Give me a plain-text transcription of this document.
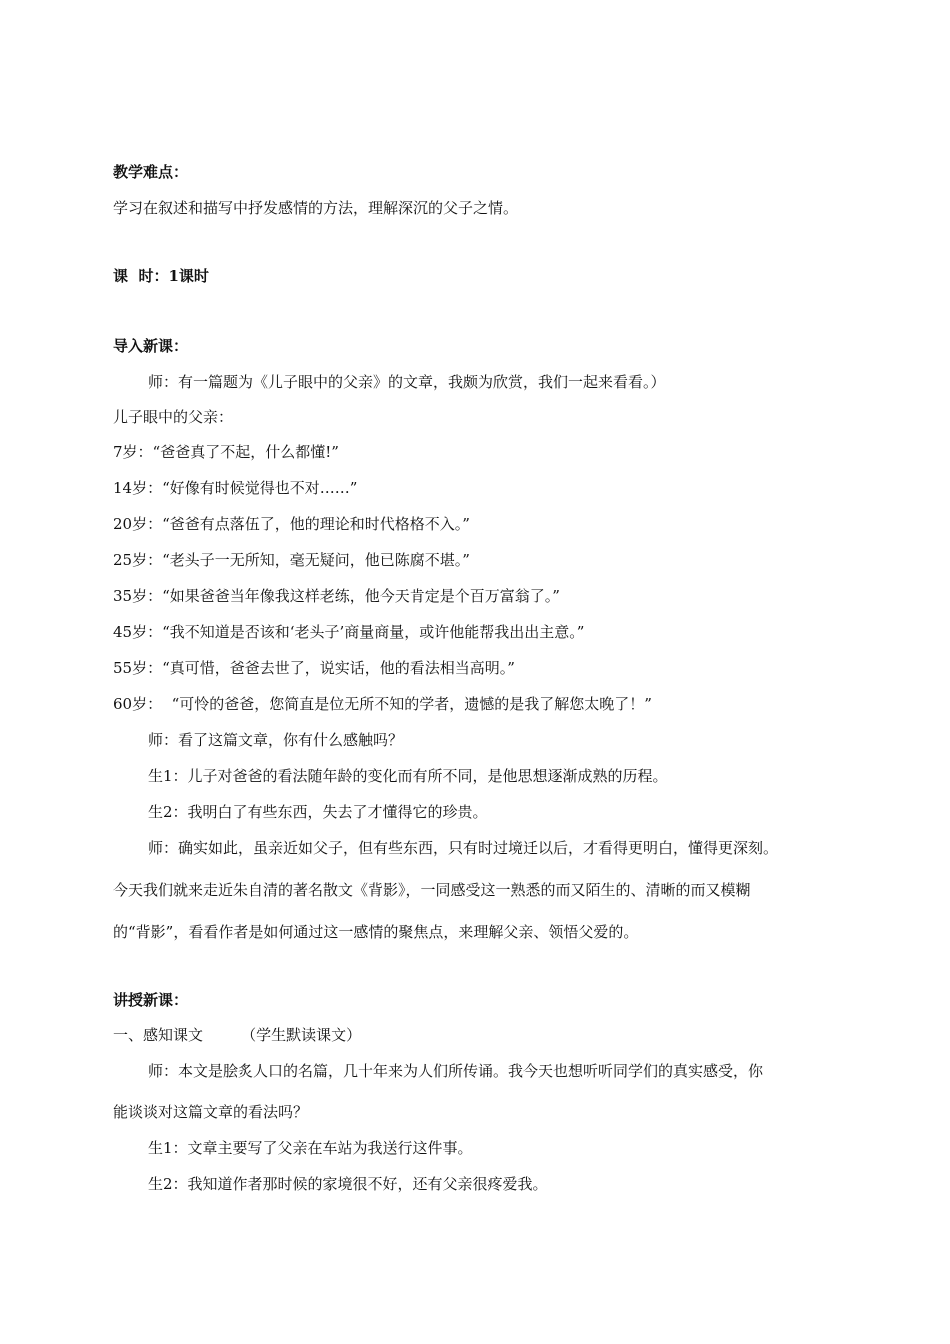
教学难点：
学习在叙述和描写中抒发感情的方法，理解深沉的父子之情。
课  时：1课时
导入新课：
师：有一篇题为《儿子眼中的父亲》的文章，我颇为欣赏，我们一起来看看。）
儿子眼中的父亲：
7岁：“爸爸真了不起，什么都懂!”
14岁：“好像有时候觉得也不对……”
20岁：“爸爸有点落伍了，他的理论和时代格格不入。”
25岁：“老头子一无所知，毫无疑问，他已陈腐不堪。”
35岁：“如果爸爸当年像我这样老练，他今天肯定是个百万富翁了。”
45岁：“我不知道是否该和‘老头子’商量商量，或许他能帮我出出主意。”
55岁：“真可惜，爸爸去世了，说实话，他的看法相当高明。”
60岁：  “可怜的爸爸，您简直是位无所不知的学者，遗憾的是我了解您太晚了！”
师：看了这篇文章，你有什么感触吗？
生1：儿子对爸爸的看法随年龄的变化而有所不同，是他思想逐渐成熟的历程。
生2：我明白了有些东西，失去了才懂得它的珍贵。
师：确实如此，虽亲近如父子，但有些东西，只有时过境迁以后，才看得更明白，懂得更深刻。
今天我们就来走近朱自清的著名散文《背影》，一同感受这一熟悉的而又陌生的、清晰的而又模糊
的“背影”，看看作者是如何通过这一感情的聚焦点，来理解父亲、领悟父爱的。
讲授新课：
一、感知课文        （学生默读课文）
师：本文是脍炙人口的名篇，几十年来为人们所传诵。我今天也想听听同学们的真实感受，你
能谈谈对这篇文章的看法吗？
生1：文章主要写了父亲在车站为我送行这件事。
生2：我知道作者那时候的家境很不好，还有父亲很疼爱我。
